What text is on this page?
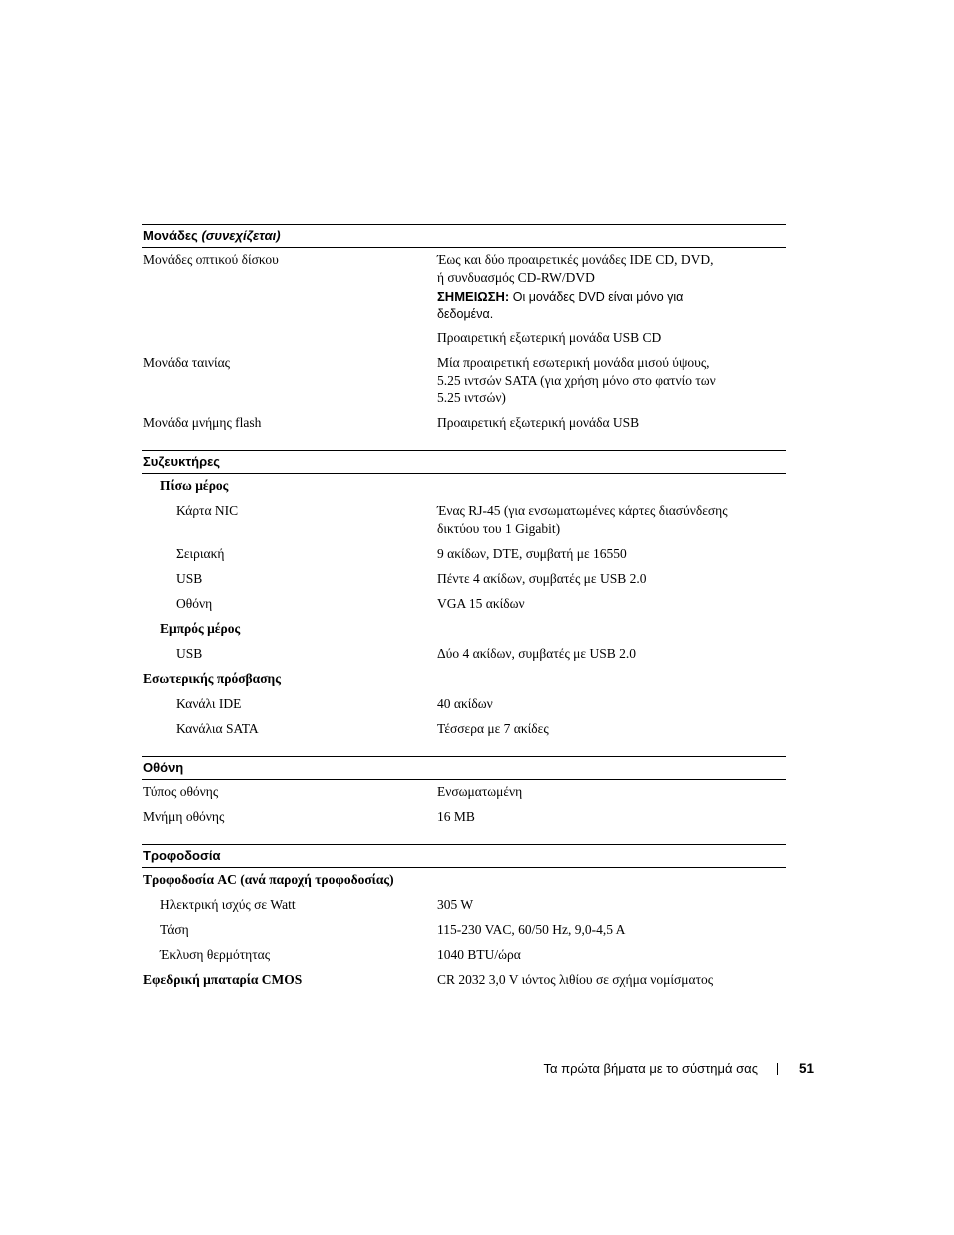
Μονάδες (συνεχίζεται)
Μονάδες οπτικού δίσκου	Έως και δύο προαιρετικές μονάδες IDE CD, DVD,
ή συνδυασμός CD-RW/DVD
ΣΗΜΕΙΩΣΗ: Οι μονάδες DVD είναι μόνο για
δεδομένα.
Προαιρετική εξωτερική μονάδα USB CD
Μονάδα ταινίας	Μία προαιρετική εσωτερική μονάδα μισού ύψους,
5.25 ιντσών SATA (για χρήση μόνο στο φατνίο των
5.25 ιντσών)
Μονάδα μνήμης flash	Προαιρετική εξωτερική μονάδα USB
Συζευκτήρες
Πίσω μέρος
Κάρτα NIC	Ένας RJ-45 (για ενσωματωμένες κάρτες διασύνδεσης
δικτύου του 1 Gigabit)
Σειριακή	9 ακίδων, DTE, συμβατή με 16550
USB	Πέντε 4 ακίδων, συμβατές με USB 2.0
Οθόνη	VGA 15 ακίδων
Εμπρός μέρος
USB	Δύο 4 ακίδων, συμβατές με USB 2.0
Εσωτερικής πρόσβασης
Κανάλι IDE	40 ακίδων
Κανάλια SATA	Τέσσερα με 7 ακίδες
Οθόνη
Τύπος οθόνης	Ενσωματωμένη
Μνήμη οθόνης	16 MB
Τροφοδοσία
Τροφοδοσία AC (ανά παροχή τροφοδοσίας)
Ηλεκτρική ισχύς σε Watt	305 W
Τάση	115-230 VAC, 60/50 Hz, 9,0-4,5 A
Έκλυση θερμότητας	1040 BTU/ώρα
Εφεδρική μπαταρία CMOS	CR 2032 3,0 V ιόντος λιθίου σε σχήμα νομίσματος
Τα πρώτα βήματα με το σύστημά σας	51
